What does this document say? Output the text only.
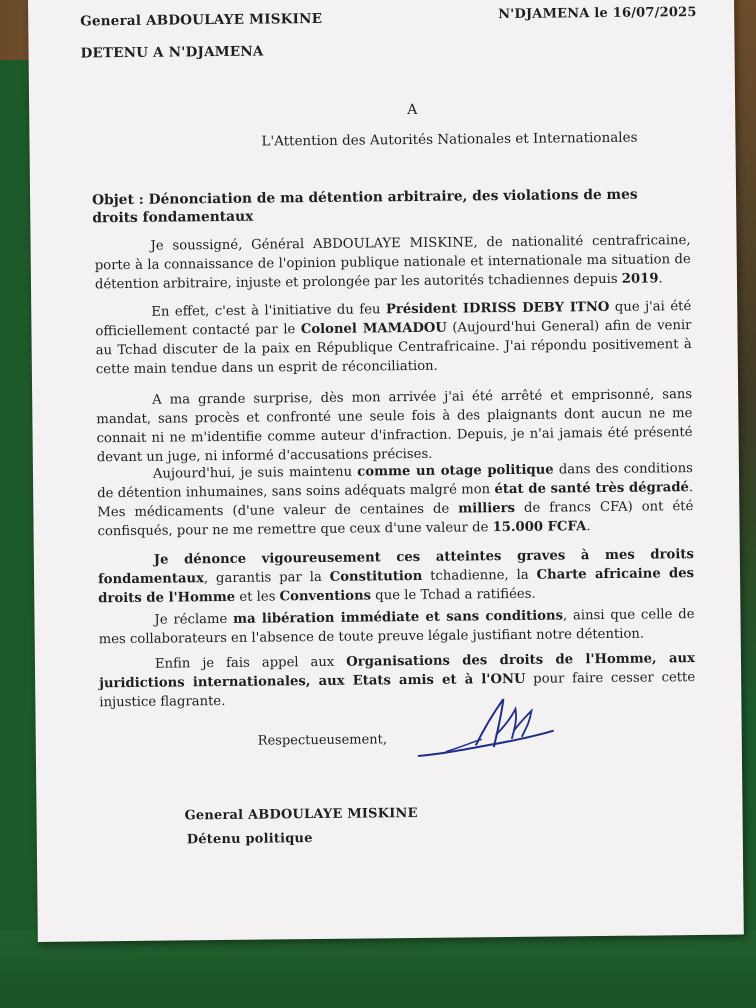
General ABDOULAYE MISKINE	N'DJAMENA le 16/07/2025
DETENU A N'DJAMENA
A
L'Attention des Autorités Nationales et Internationales
Objet : Dénonciation de ma détention arbitraire, des violations de mes droits fondamentaux
Je soussigné, Général ABDOULAYE MISKINE, de nationalité centrafricaine, porte à la connaissance de l'opinion publique nationale et internationale ma situation de détention arbitraire, injuste et prolongée par les autorités tchadiennes depuis 2019.
En effet, c'est à l'initiative du feu Président IDRISS DEBY ITNO que j'ai été officiellement contacté par le Colonel MAMADOU (Aujourd'hui General) afin de venir au Tchad discuter de la paix en République Centrafricaine. J'ai répondu positivement à cette main tendue dans un esprit de réconciliation.
A ma grande surprise, dès mon arrivée j'ai été arrêté et emprisonné, sans mandat, sans procès et confronté une seule fois à des plaignants dont aucun ne me connait ni ne m'identifie comme auteur d'infraction. Depuis, je n'ai jamais été présenté devant un juge, ni informé d'accusations précises.
Aujourd'hui, je suis maintenu comme un otage politique dans des conditions de détention inhumaines, sans soins adéquats malgré mon état de santé très dégradé. Mes médicaments (d'une valeur de centaines de milliers de francs CFA) ont été confisqués, pour ne me remettre que ceux d'une valeur de 15.000 FCFA.
Je dénonce vigoureusement ces atteintes graves à mes droits fondamentaux, garantis par la Constitution tchadienne, la Charte africaine des droits de l'Homme et les Conventions que le Tchad a ratifiées.
Je réclame ma libération immédiate et sans conditions, ainsi que celle de mes collaborateurs en l'absence de toute preuve légale justifiant notre détention.
Enfin je fais appel aux Organisations des droits de l'Homme, aux juridictions internationales, aux Etats amis et à l'ONU pour faire cesser cette injustice flagrante.
Respectueusement,
General ABDOULAYE MISKINE
Détenu politique
